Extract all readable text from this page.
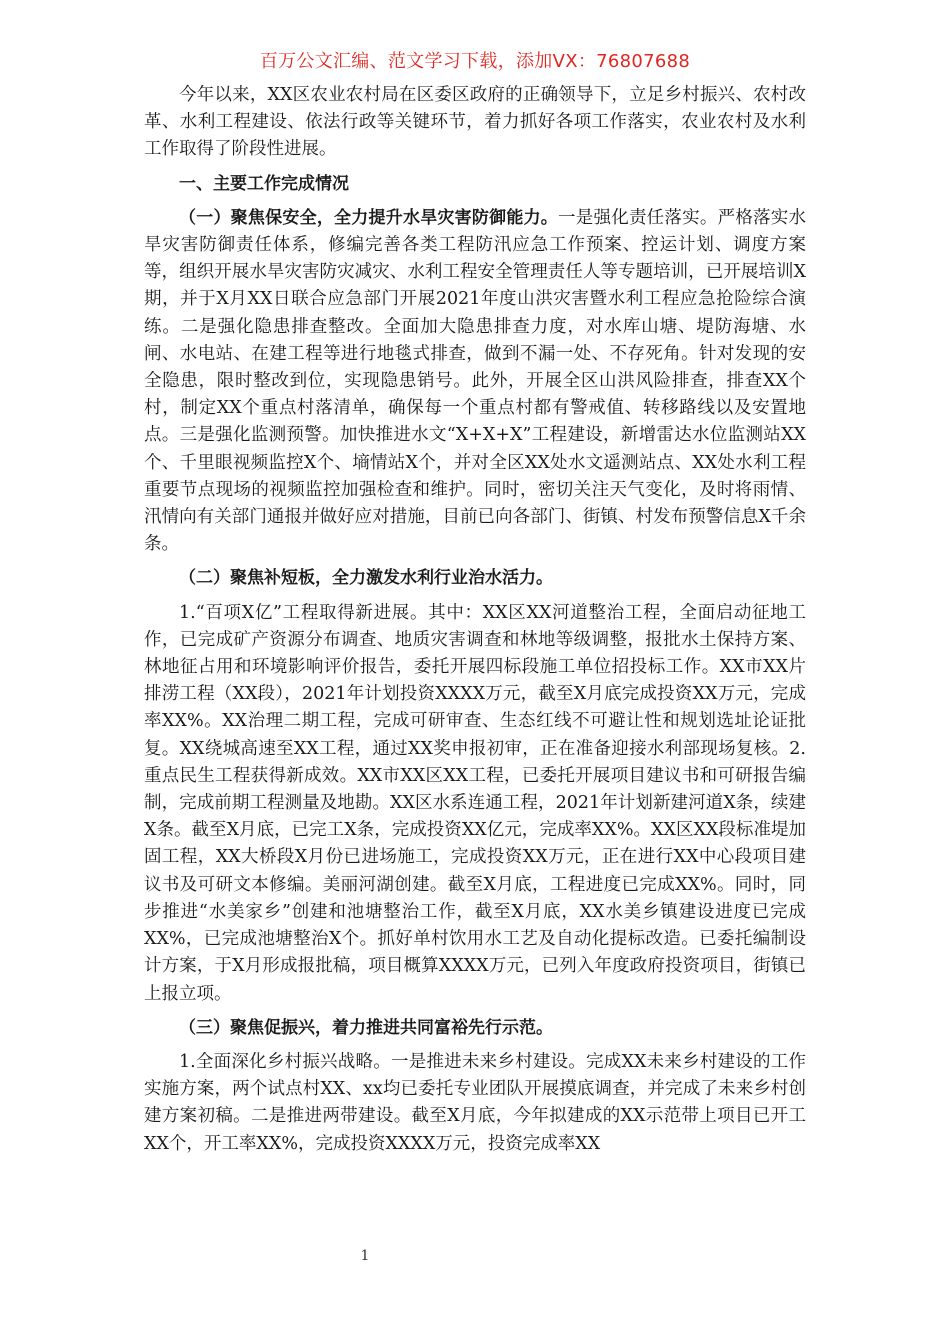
百万公文汇编、范文学习下载，添加VX：76807688

今年以来，XX区农业农村局在区委区政府的正确领导下，立足乡村振兴、农村改革、水利工程建设、依法行政等关键环节，着力抓好各项工作落实，农业农村及水利工作取得了阶段性进展。

一、主要工作完成情况

（一）聚焦保安全，全力提升水旱灾害防御能力。一是强化责任落实。严格落实水旱灾害防御责任体系，修编完善各类工程防汛应急工作预案、控运计划、调度方案等，组织开展水旱灾害防灾减灾、水利工程安全管理责任人等专题培训，已开展培训X期，并于X月XX日联合应急部门开展2021年度山洪灾害暨水利工程应急抢险综合演练。二是强化隐患排查整改。全面加大隐患排查力度，对水库山塘、堤防海塘、水闸、水电站、在建工程等进行地毯式排查，做到不漏一处、不存死角。针对发现的安全隐患，限时整改到位，实现隐患销号。此外，开展全区山洪风险排查，排查XX个村，制定XX个重点村落清单，确保每一个重点村都有警戒值、转移路线以及安置地点。三是强化监测预警。加快推进水文“X+X+X”工程建设，新增雷达水位监测站XX个、千里眼视频监控X个、墒情站X个，并对全区XX处水文遥测站点、XX处水利工程重要节点现场的视频监控加强检查和维护。同时，密切关注天气变化，及时将雨情、汛情向有关部门通报并做好应对措施，目前已向各部门、街镇、村发布预警信息X千余条。

（二）聚焦补短板，全力激发水利行业治水活力。

1.“百项X亿”工程取得新进展。其中：XX区XX河道整治工程，全面启动征地工作，已完成矿产资源分布调查、地质灾害调查和林地等级调整，报批水土保持方案、林地征占用和环境影响评价报告，委托开展四标段施工单位招投标工作。XX市XX片排涝工程（XX段），2021年计划投资XXXX万元，截至X月底完成投资XX万元，完成率XX%。XX治理二期工程，完成可研审查、生态红线不可避让性和规划选址论证批复。XX绕城高速至XX工程，通过XX奖申报初审，正在准备迎接水利部现场复核。2.重点民生工程获得新成效。XX市XX区XX工程，已委托开展项目建议书和可研报告编制，完成前期工程测量及地勘。XX区水系连通工程，2021年计划新建河道X条，续建X条。截至X月底，已完工X条，完成投资XX亿元，完成率XX%。XX区XX段标准堤加固工程，XX大桥段X月份已进场施工，完成投资XX万元，正在进行XX中心段项目建议书及可研文本修编。美丽河湖创建。截至X月底，工程进度已完成XX%。同时，同步推进“水美家乡”创建和池塘整治工作，截至X月底，XX水美乡镇建设进度已完成XX%，已完成池塘整治X个。抓好单村饮用水工艺及自动化提标改造。已委托编制设计方案，于X月形成报批稿，项目概算XXXX万元，已列入年度政府投资项目，街镇已上报立项。

（三）聚焦促振兴，着力推进共同富裕先行示范。

1.全面深化乡村振兴战略。一是推进未来乡村建设。完成XX未来乡村建设的工作实施方案，两个试点村XX、xx均已委托专业团队开展摸底调查，并完成了未来乡村创建方案初稿。二是推进两带建设。截至X月底，今年拟建成的XX示范带上项目已开工XX个，开工率XX%，完成投资XXXX万元，投资完成率XX

1
